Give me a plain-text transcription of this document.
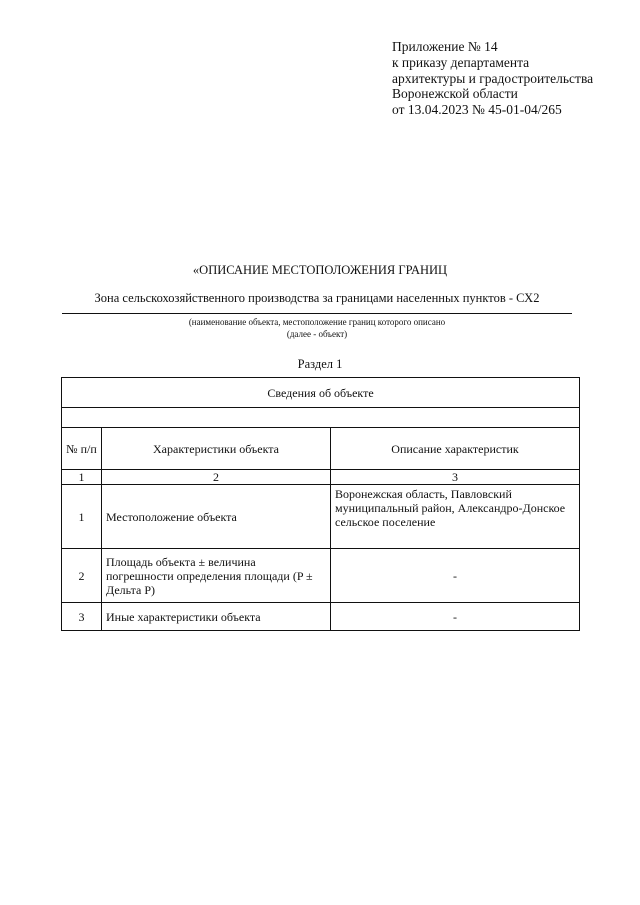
Приложение № 14
к приказу департамента
архитектуры и градостроительства
Воронежской области
от 13.04.2023 № 45-01-04/265
«ОПИСАНИЕ МЕСТОПОЛОЖЕНИЯ ГРАНИЦ
Зона сельскохозяйственного производства за границами населенных пунктов - СХ2
(наименование объекта, местоположение границ которого описано
(далее - объект)
Раздел 1
Сведения об объекте		

№ п/п	Характеристики объекта	Описание характеристик
1	2	3
1	Местоположение объекта	Воронежская область, Павловский муниципальный район, Александро-Донское сельское поселение
2	Площадь объекта ± величина погрешности определения площади (P ± Дельта P)	-
3	Иные характеристики объекта	-
